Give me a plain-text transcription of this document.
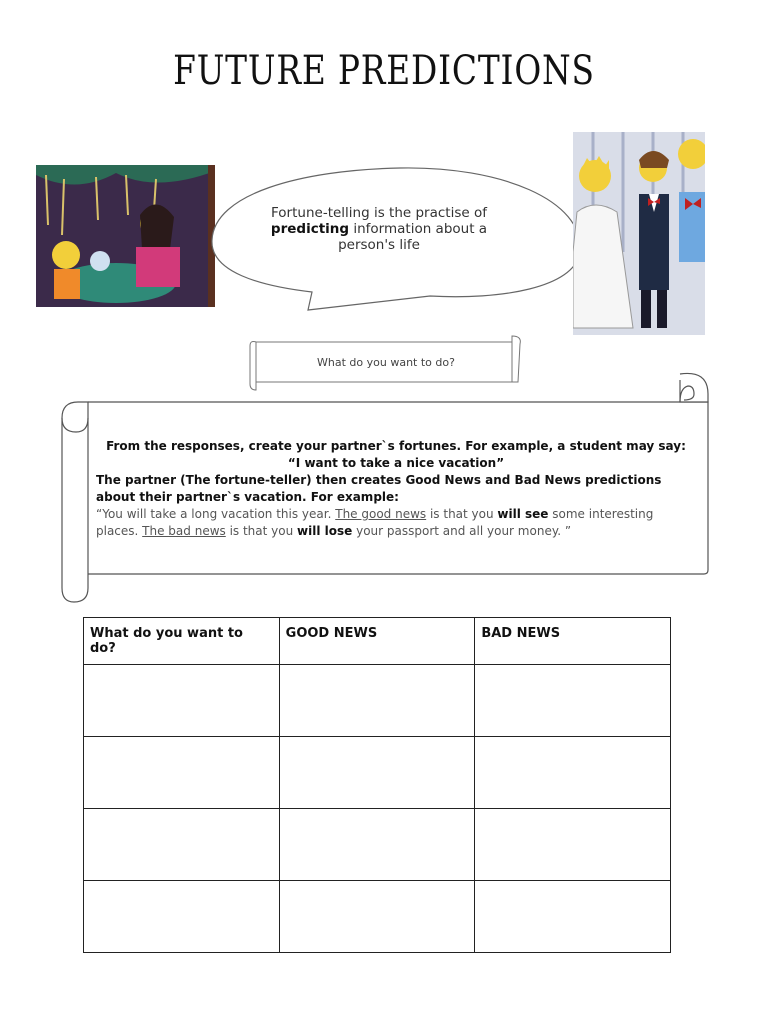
FUTURE PREDICTIONS
Fortune-telling is the practise of
predicting information about a
person's life
What do you want to do?
From the responses, create your partner`s fortunes. For example, a student may say:
“I want to take a nice vacation”
The partner (The fortune-teller) then creates Good News and Bad News predictions about their partner`s vacation. For example:
“You will take a long vacation this year. The good news is that you will see some interesting places. The bad news is that you will lose your passport and all your money. ”
What do you want to do?	GOOD NEWS	BAD NEWS
